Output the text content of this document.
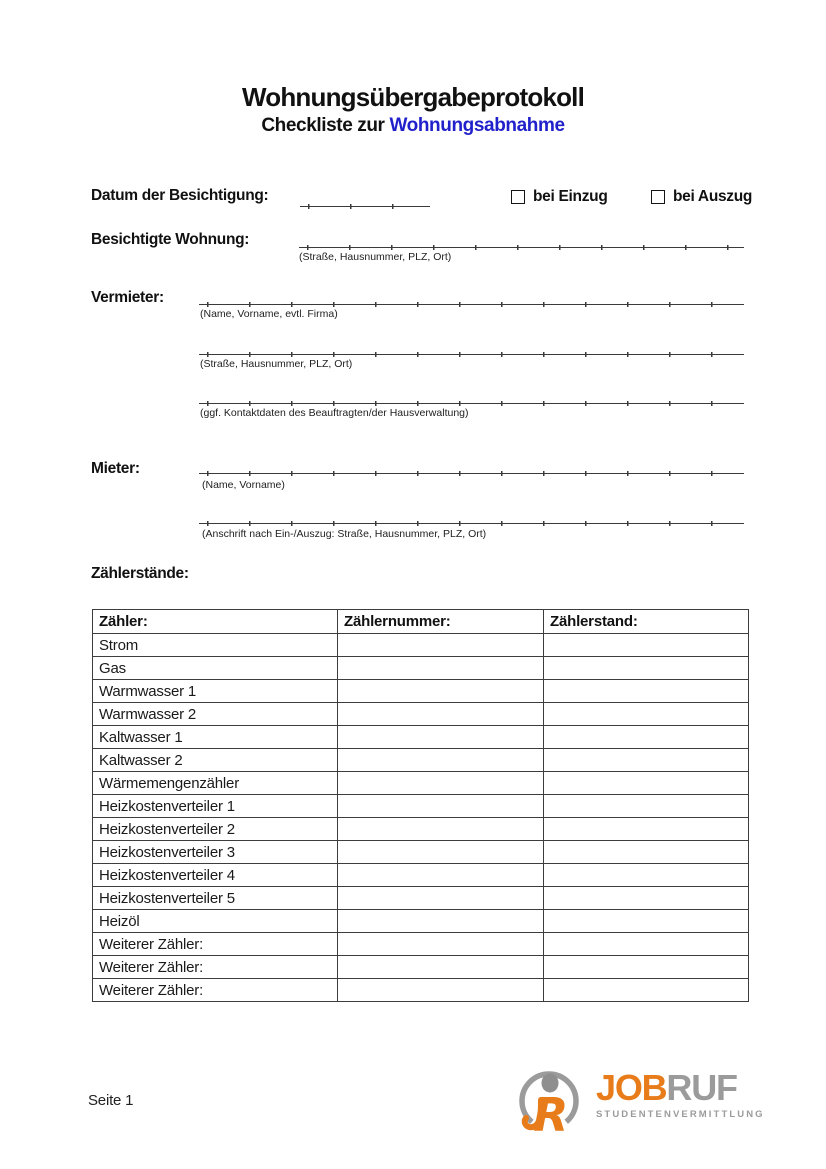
Wohnungsübergabeprotokoll
Checkliste zur Wohnungsabnahme
Datum der Besichtigung:	bei Einzug	bei Auszug
Besichtigte Wohnung:
(Straße, Hausnummer, PLZ, Ort)
Vermieter:
(Name, Vorname, evtl. Firma)
(Straße, Hausnummer, PLZ, Ort)
(ggf. Kontaktdaten des Beauftragten/der Hausverwaltung)
Mieter:
(Name, Vorname)
(Anschrift nach Ein-/Auszug: Straße, Hausnummer, PLZ, Ort)
Zählerstände:
Zähler:	Zählernummer:	Zählerstand:
Strom		
Gas		
Warmwasser 1		
Warmwasser 2		
Kaltwasser 1		
Kaltwasser 2		
Wärmemengenzähler		
Heizkostenverteiler 1		
Heizkostenverteiler 2		
Heizkostenverteiler 3		
Heizkostenverteiler 4		
Heizkostenverteiler 5		
Heizöl		
Weiterer Zähler:		
Weiterer Zähler:		
Weiterer Zähler:		
Seite 1	R
JOBRUF
STUDENTENVERMITTLUNG
